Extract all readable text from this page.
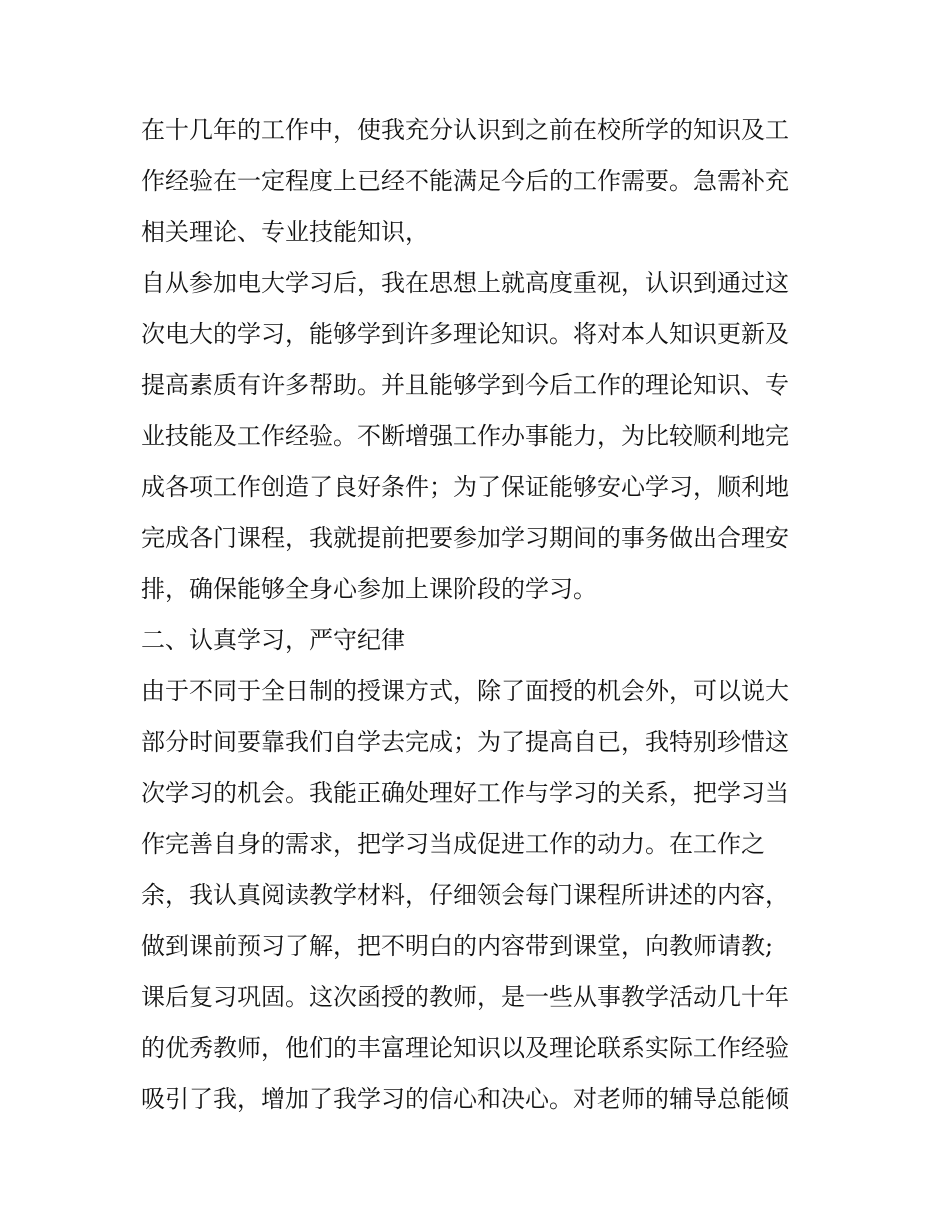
在十几年的工作中，使我充分认识到之前在校所学的知识及工
作经验在一定程度上已经不能满足今后的工作需要。急需补充
相关理论、专业技能知识，
自从参加电大学习后，我在思想上就高度重视，认识到通过这
次电大的学习，能够学到许多理论知识。将对本人知识更新及
提高素质有许多帮助。并且能够学到今后工作的理论知识、专
业技能及工作经验。不断增强工作办事能力，为比较顺利地完
成各项工作创造了良好条件；为了保证能够安心学习，顺利地
完成各门课程，我就提前把要参加学习期间的事务做出合理安
排，确保能够全身心参加上课阶段的学习。
二、认真学习，严守纪律
由于不同于全日制的授课方式，除了面授的机会外，可以说大
部分时间要靠我们自学去完成；为了提高自已，我特别珍惜这
次学习的机会。我能正确处理好工作与学习的关系，把学习当
作完善自身的需求，把学习当成促进工作的动力。在工作之
余，我认真阅读教学材料，仔细领会每门课程所讲述的内容，
做到课前预习了解，把不明白的内容带到课堂，向教师请教;
课后复习巩固。这次函授的教师，是一些从事教学活动几十年
的优秀教师，他们的丰富理论知识以及理论联系实际工作经验
吸引了我，增加了我学习的信心和决心。对老师的辅导总能倾
